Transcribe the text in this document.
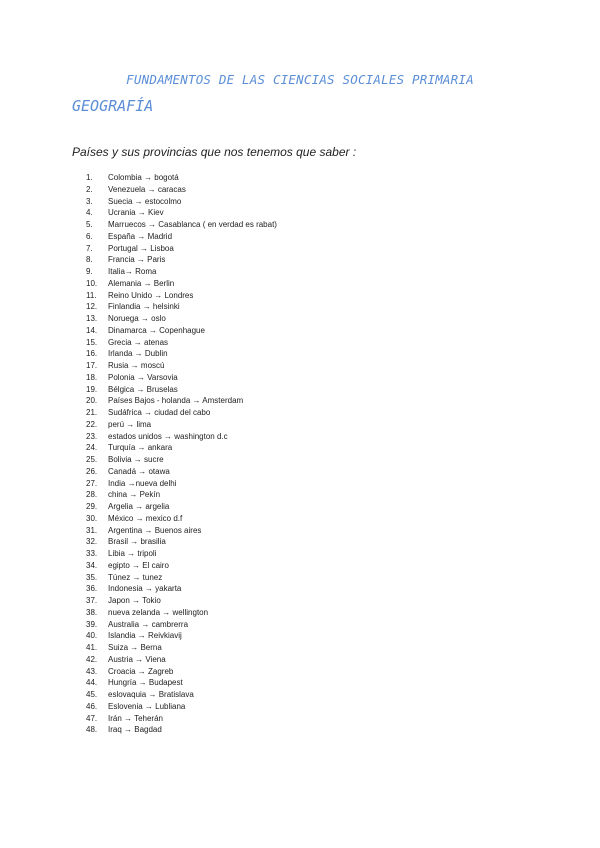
FUNDAMENTOS DE LAS CIENCIAS SOCIALES PRIMARIA
GEOGRAFÍA
Países y sus provincias que nos tenemos que saber :
1.	Colombia → bogotá
2.	Venezuela → caracas
3.	Suecia → estocolmo
4.	Ucrania → Kiev
5.	Marruecos → Casablanca ( en verdad es rabat)
6.	España → Madrid
7.	Portugal → Lisboa
8.	Francia → Paris
9.	Italia→ Roma
10.	Alemania → Berlin
11.	Reino Unido → Londres
12.	Finlandia → helsinki
13.	Noruega → oslo
14.	Dinamarca → Copenhague
15.	Grecia → atenas
16.	Irlanda → Dublin
17.	Rusia → moscú
18.	Polonia → Varsovia
19.	Bélgica → Bruselas
20.	Países Bajos - holanda → Amsterdam
21.	Sudáfrica → ciudad del cabo
22.	perú → lima
23.	estados unidos → washington d.c
24.	Turquía → ankara
25.	Bolivia → sucre
26.	Canadá → otawa
27.	India →nueva delhi
28.	china → Pekín
29.	Argelia → argelia
30.	México → mexico d.f
31.	Argentina → Buenos aires
32.	Brasil → brasilia
33.	Libia → tripoli
34.	egipto → El cairo
35.	Túnez → tunez
36.	Indonesia → yakarta
37.	Japon → Tokio
38.	nueva zelanda → wellington
39.	Australia → cambrerra
40.	Islandia → Reivkiavij
41.	Suiza → Berna
42.	Austria → Viena
43.	Croacia → Zagreb
44.	Hungría → Budapest
45.	eslovaquia → Bratislava
46.	Eslovenia → Lubliana
47.	Irán → Teherán
48.	Iraq → Bagdad
